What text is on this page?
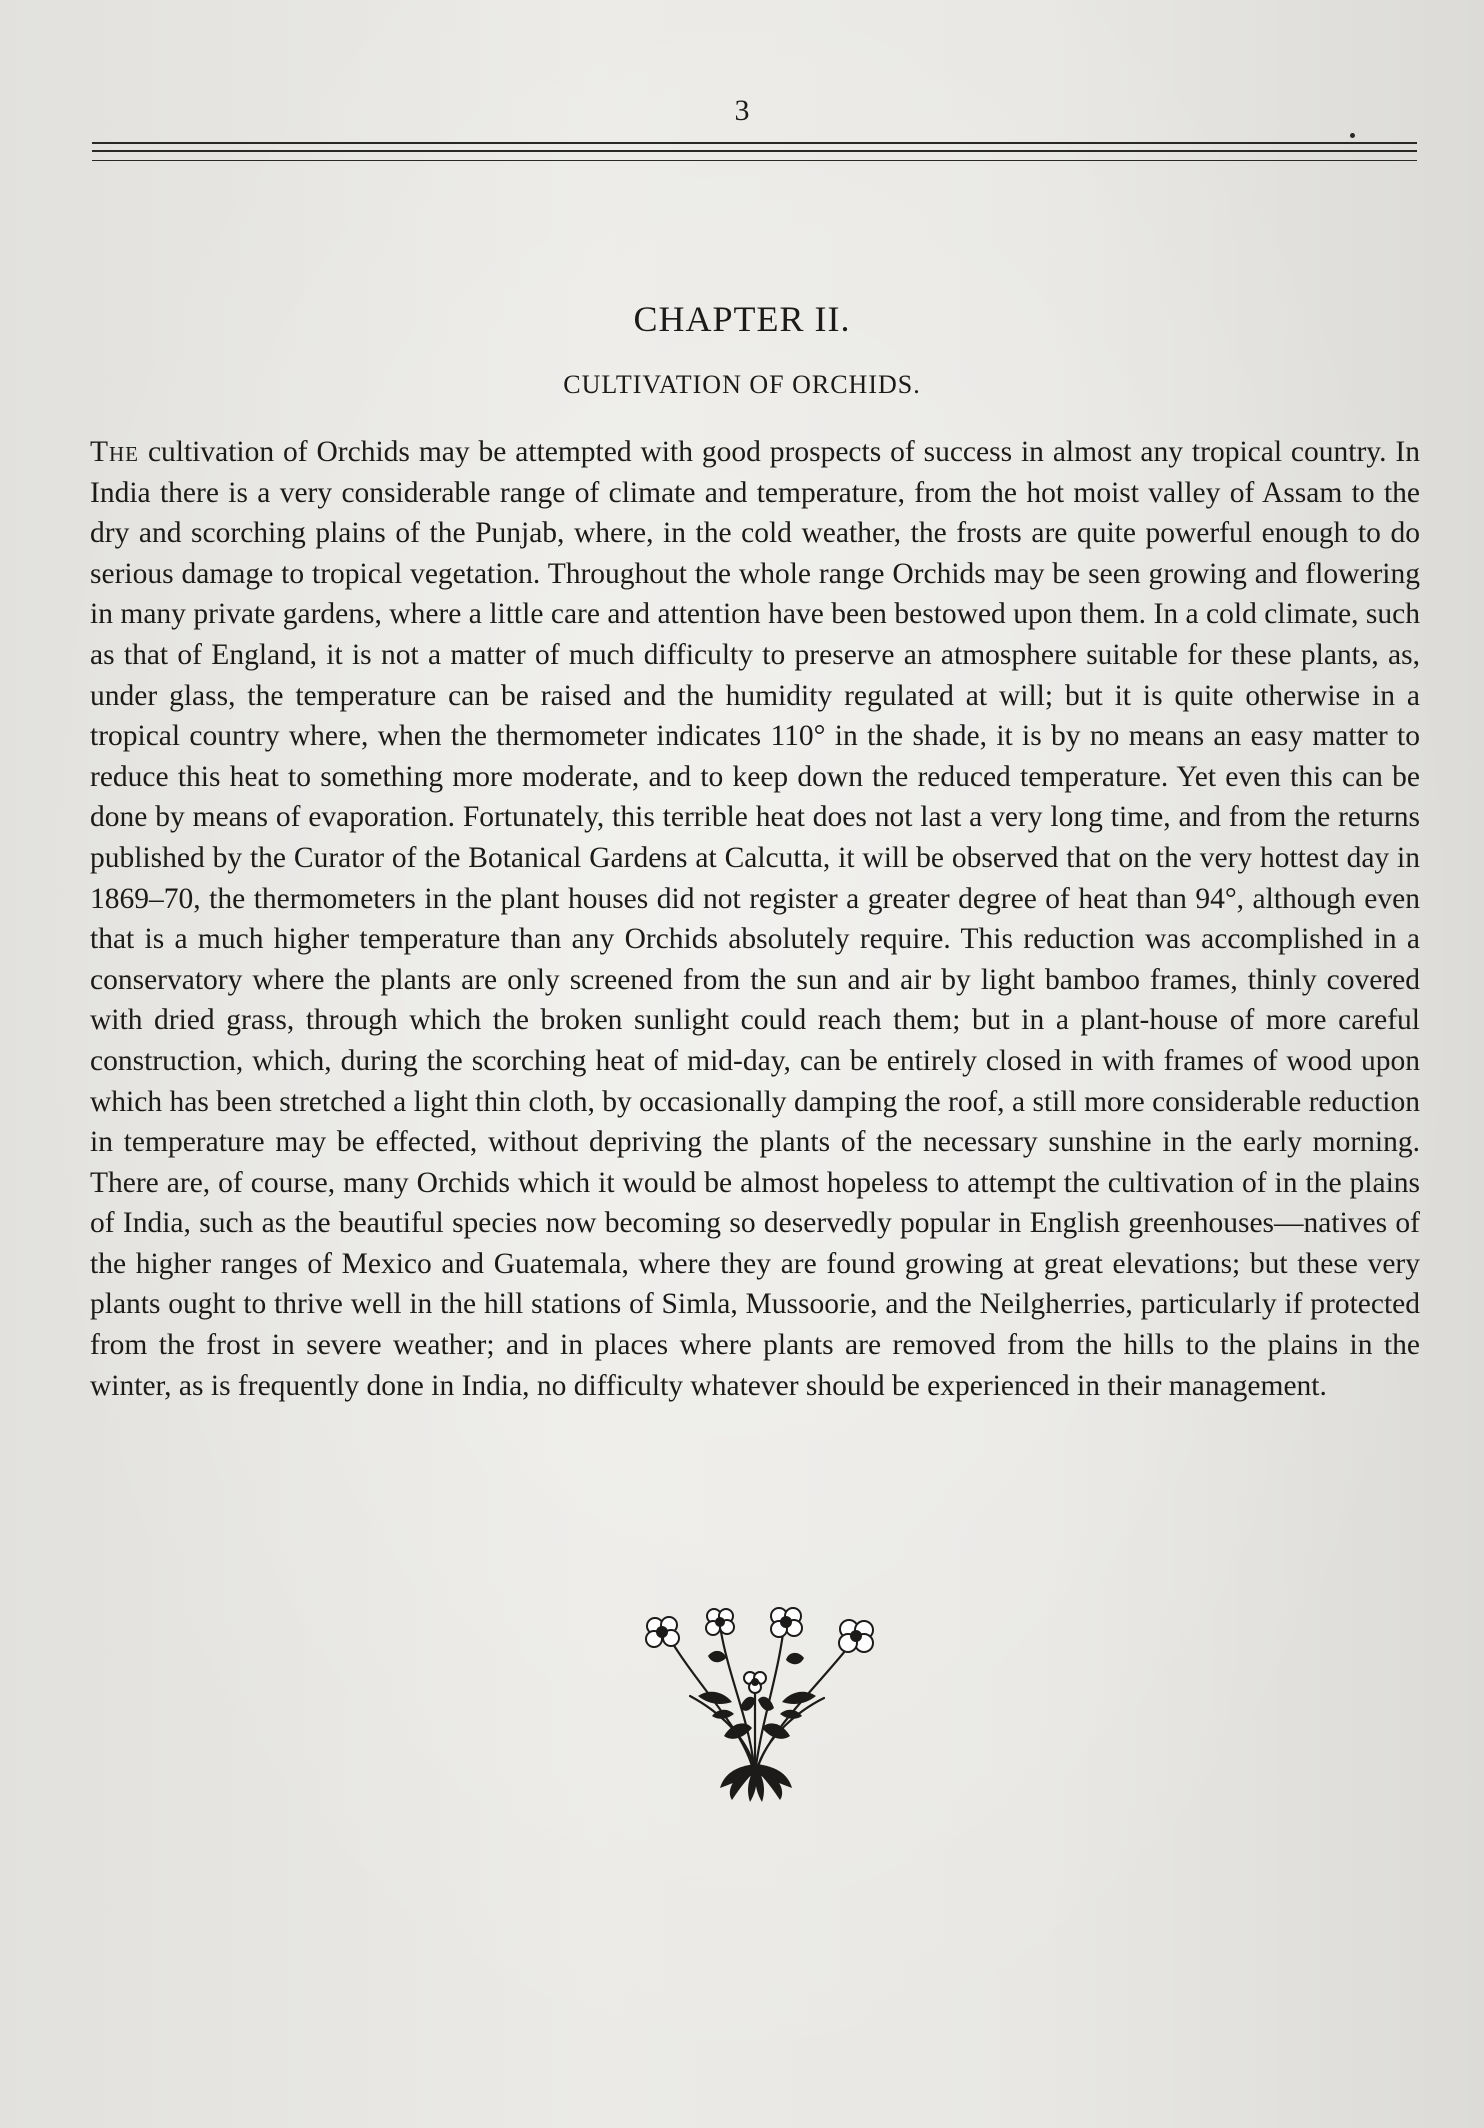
3

CHAPTER II.
CULTIVATION OF ORCHIDS.

The cultivation of Orchids may be attempted with good prospects of success in almost any tropical country. In India there is a very considerable range of climate and temperature, from the hot moist valley of Assam to the dry and scorching plains of the Punjab, where, in the cold weather, the frosts are quite powerful enough to do serious damage to tropical vegetation. Throughout the whole range Orchids may be seen growing and flowering in many private gardens, where a little care and attention have been bestowed upon them. In a cold climate, such as that of England, it is not a matter of much difficulty to preserve an atmosphere suitable for these plants, as, under glass, the temperature can be raised and the humidity regulated at will; but it is quite otherwise in a tropical country where, when the thermometer indicates 110° in the shade, it is by no means an easy matter to reduce this heat to something more moderate, and to keep down the reduced temperature. Yet even this can be done by means of evaporation. Fortunately, this terrible heat does not last a very long time, and from the returns published by the Curator of the Botanical Gardens at Calcutta, it will be observed that on the very hottest day in 1869–70, the thermometers in the plant houses did not register a greater degree of heat than 94°, although even that is a much higher temperature than any Orchids absolutely require. This reduction was accomplished in a conservatory where the plants are only screened from the sun and air by light bamboo frames, thinly covered with dried grass, through which the broken sunlight could reach them; but in a plant-house of more careful construction, which, during the scorching heat of mid-day, can be entirely closed in with frames of wood upon which has been stretched a light thin cloth, by occasionally damping the roof, a still more considerable reduction in temperature may be effected, without depriving the plants of the necessary sunshine in the early morning. There are, of course, many Orchids which it would be almost hopeless to attempt the cultivation of in the plains of India, such as the beautiful species now becoming so deservedly popular in English greenhouses—natives of the higher ranges of Mexico and Guatemala, where they are found growing at great elevations; but these very plants ought to thrive well in the hill stations of Simla, Mussoorie, and the Neilgherries, particularly if protected from the frost in severe weather; and in places where plants are removed from the hills to the plains in the winter, as is frequently done in India, no difficulty whatever should be experienced in their management.
